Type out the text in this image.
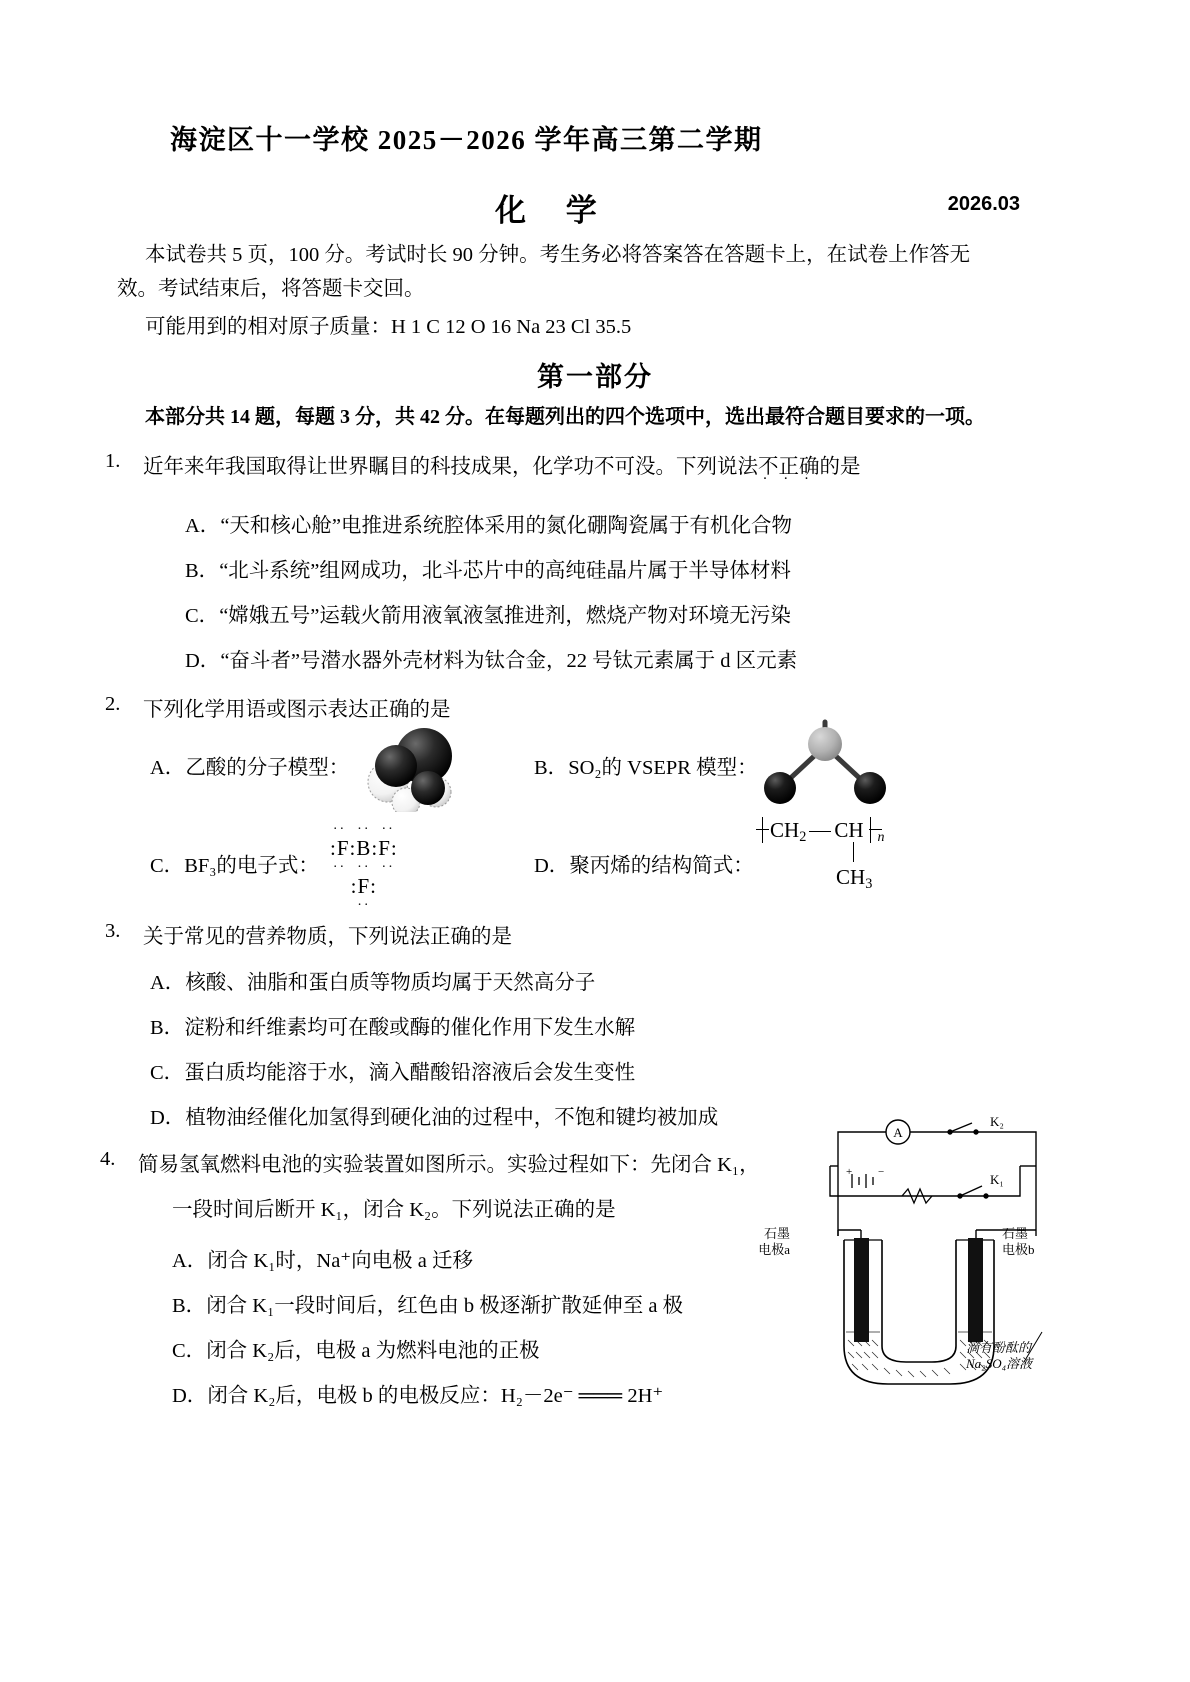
海淀区十一学校 2025－2026 学年高三第二学期
化 学	2026.03
本试卷共 5 页，100 分。考试时长 90 分钟。考生务必将答案答在答题卡上，在试卷上作答无
效。考试结束后，将答题卡交回。
可能用到的相对原子质量：H 1 C 12 O 16 Na 23 Cl 35.5
第一部分
本部分共 14 题，每题 3 分，共 42 分。在每题列出的四个选项中，选出最符合题目要求的一项。
1. 近年来年我国取得让世界瞩目的科技成果，化学功不可没。下列说法不正确 · · ·的是
A．“天和核心舱”电推进系统腔体采用的氮化硼陶瓷属于有机化合物
B．“北斗系统”组网成功，北斗芯片中的高纯硅晶片属于半导体材料
C．“嫦娥五号”运载火箭用液氧液氢推进剂，燃烧产物对环境无污染
D．“奋斗者”号潜水器外壳材料为钛合金，22 号钛元素属于 d 区元素
2. 下列化学用语或图示表达正确的是
A．乙酸的分子模型：	B．SO₂的 VSEPR 模型：
C．BF₃的电子式：
··  ··  ··
:F:B:F:
··  ··  ··
:F:
··
D．聚丙烯的结构简式：
$CH_2$ CH n
$CH_3$
3. 关于常见的营养物质，下列说法正确的是
A．核酸、油脂和蛋白质等物质均属于天然高分子
B．淀粉和纤维素均可在酸或酶的催化作用下发生水解
C．蛋白质均能溶于水，滴入醋酸铅溶液后会发生变性
D．植物油经催化加氢得到硬化油的过程中，不饱和键均被加成
4. 简易氢氧燃料电池的实验装置如图所示。实验过程如下：先闭合 K₁，
一段时间后断开 K₁，闭合 K₂。下列说法正确的是
A．闭合 K₁时，Na⁺向电极 a 迁移
B．闭合 K₁一段时间后，红色由 b 极逐渐扩散延伸至 a 极
C．闭合 K₂后，电极 a 为燃料电池的正极
D．闭合 K₂后，电极 b 的电极反应：H₂－2e⁻ ═══ 2H⁺
A
+ −
石墨
电极a
石墨
电极b
滴有酚酞的
Na₂SO₄溶液
K₂
K₁
